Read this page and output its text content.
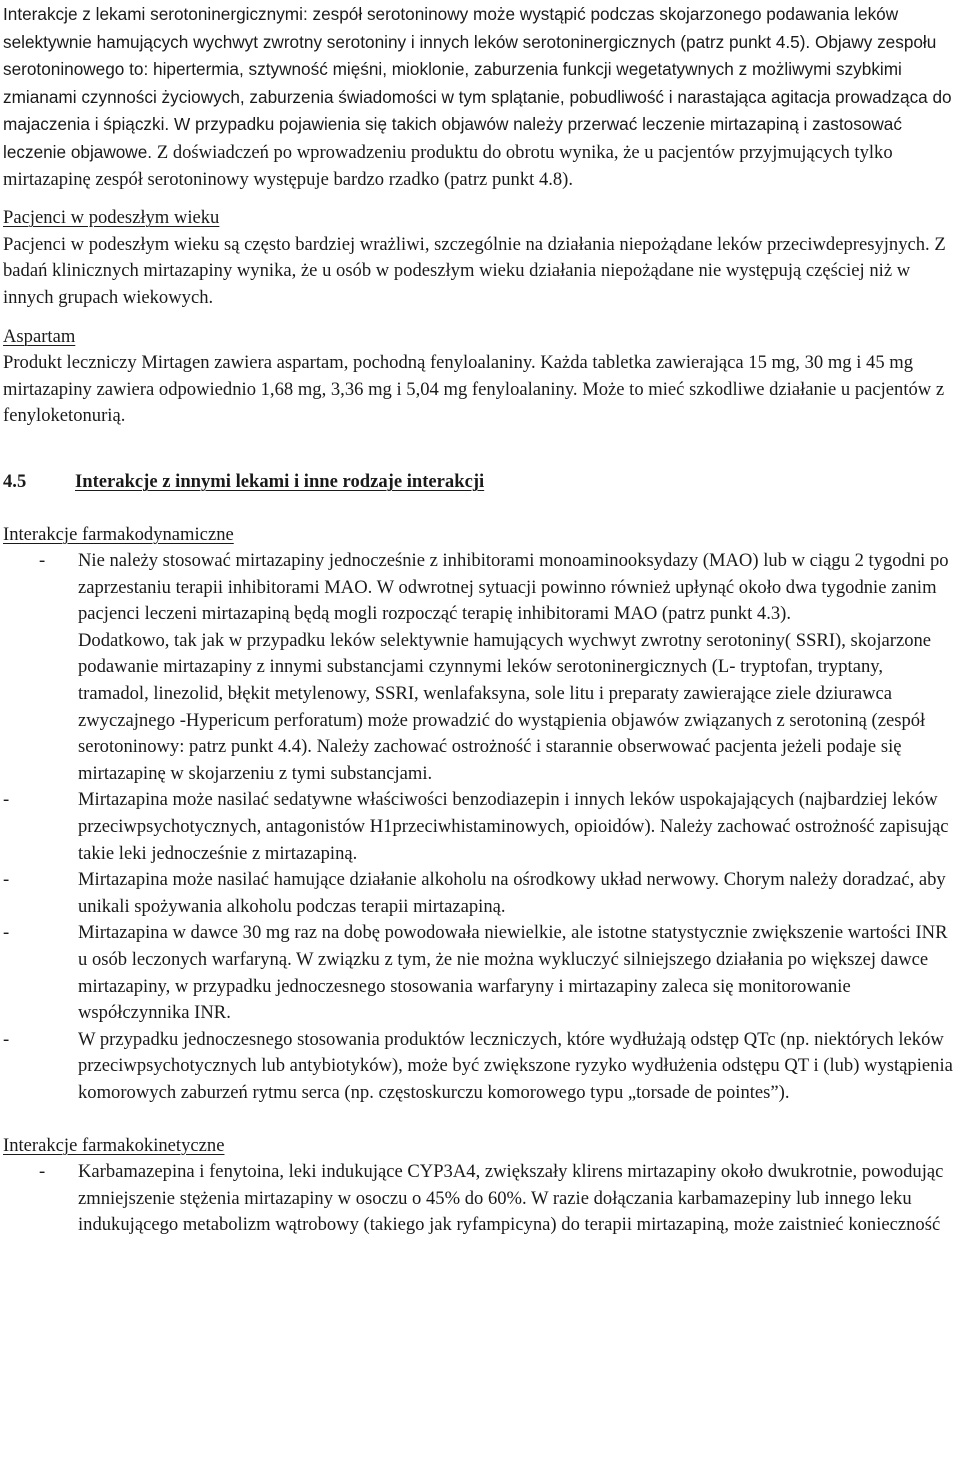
Interakcje z lekami serotoninergicznymi: zespół serotoninowy może wystąpić podczas skojarzonego podawania leków selektywnie hamujących wychwyt zwrotny serotoniny i innych leków serotoninergicznych (patrz punkt 4.5). Objawy zespołu serotoninowego to: hipertermia, sztywność mięśni, mioklonie, zaburzenia funkcji wegetatywnych z możliwymi szybkimi zmianami czynności życiowych, zaburzenia świadomości w tym splątanie, pobudliwość i narastająca agitacja prowadząca do majaczenia i śpiączki. W przypadku pojawienia się takich objawów należy przerwać leczenie mirtazapiną i zastosować leczenie objawowe. Z doświadczeń po wprowadzeniu produktu do obrotu wynika, że u pacjentów przyjmujących tylko mirtazapinę zespół serotoninowy występuje bardzo rzadko (patrz punkt 4.8).

Pacjenci w podeszłym wieku

Pacjenci w podeszłym wieku są często bardziej wrażliwi, szczególnie na działania niepożądane leków przeciwdepresyjnych. Z badań klinicznych mirtazapiny wynika, że u osób w podeszłym wieku działania niepożądane nie występują częściej niż w innych grupach wiekowych.

Aspartam

Produkt leczniczy Mirtagen zawiera aspartam, pochodną fenyloalaniny. Każda tabletka zawierająca 15 mg, 30 mg i 45 mg mirtazapiny zawiera odpowiednio 1,68 mg, 3,36 mg i 5,04 mg fenyloalaniny. Może to mieć szkodliwe działanie u pacjentów z fenyloketonurią.

4.5	Interakcje z innymi lekami i inne rodzaje interakcji

Interakcje farmakodynamiczne

- Nie należy stosować mirtazapiny jednocześnie z inhibitorami monoaminooksydazy (MAO) lub w ciągu 2 tygodni po zaprzestaniu terapii inhibitorami MAO. W odwrotnej sytuacji powinno również upłynąć około dwa tygodnie zanim pacjenci leczeni mirtazapiną będą mogli rozpocząć terapię inhibitorami MAO (patrz punkt 4.3).
Dodatkowo, tak jak w przypadku leków selektywnie hamujących wychwyt zwrotny serotoniny( SSRI), skojarzone podawanie mirtazapiny z innymi substancjami czynnymi leków serotoninergicznych (L- tryptofan, tryptany, tramadol, linezolid, błękit metylenowy, SSRI, wenlafaksyna, sole litu i preparaty zawierające ziele dziurawca zwyczajnego -Hypericum perforatum) może prowadzić do wystąpienia objawów związanych z serotoniną (zespół serotoninowy: patrz punkt 4.4). Należy zachować ostrożność i starannie obserwować pacjenta jeżeli podaje się mirtazapinę w skojarzeniu z tymi substancjami.
-	Mirtazapina może nasilać sedatywne właściwości benzodiazepin i innych leków uspokajających (najbardziej leków przeciwpsychotycznych, antagonistów H1przeciwhistaminowych, opioidów). Należy zachować ostrożność zapisując takie leki jednocześnie z mirtazapiną.
-	Mirtazapina może nasilać hamujące działanie alkoholu na ośrodkowy układ nerwowy. Chorym należy doradzać, aby unikali spożywania alkoholu podczas terapii mirtazapiną.
-	Mirtazapina w dawce 30 mg raz na dobę powodowała niewielkie, ale istotne statystycznie zwiększenie wartości INR u osób leczonych warfaryną. W związku z tym, że nie można wykluczyć silniejszego działania po większej dawce mirtazapiny, w przypadku jednoczesnego stosowania warfaryny i mirtazapiny zaleca się monitorowanie współczynnika INR.
-	W przypadku jednoczesnego stosowania produktów leczniczych, które wydłużają odstęp QTc (np. niektórych leków przeciwpsychotycznych lub antybiotyków), może być zwiększone ryzyko wydłużenia odstępu QT i (lub) wystąpienia komorowych zaburzeń rytmu serca (np. częstoskurczu komorowego typu „torsade de pointes”).

Interakcje farmakokinetyczne

- Karbamazepina i fenytoina, leki indukujące CYP3A4, zwiększały klirens mirtazapiny około dwukrotnie, powodując zmniejszenie stężenia mirtazapiny w osoczu o 45% do 60%. W razie dołączania karbamazepiny lub innego leku indukującego metabolizm wątrobowy (takiego jak ryfampicyna) do terapii mirtazapiną, może zaistnieć konieczność
